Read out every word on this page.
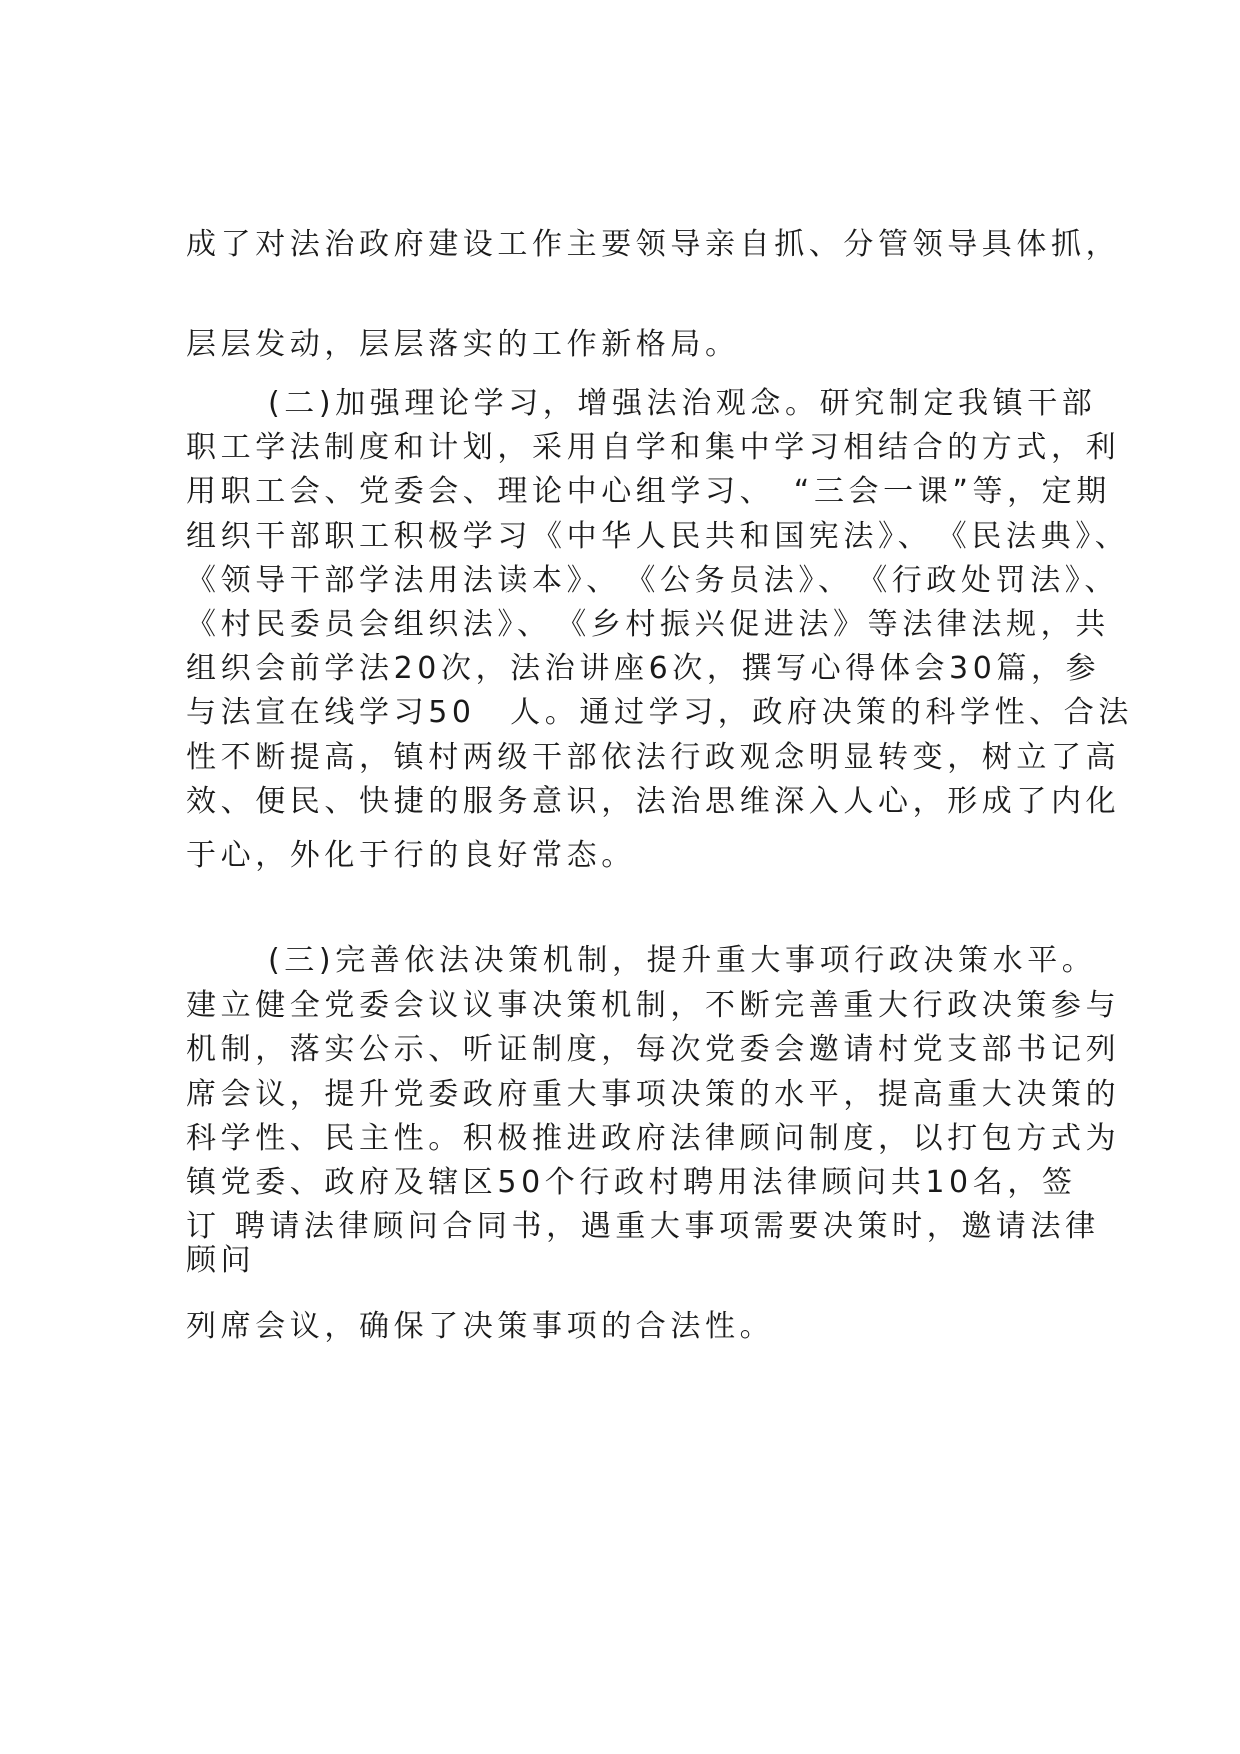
成了对法治政府建设工作主要领导亲自抓、分管领导具体抓，
层层发动，层层落实的工作新格局。
(二)加强理论学习，增强法治观念。研究制定我镇干部
职工学法制度和计划，采用自学和集中学习相结合的方式，利
用职工会、党委会、理论中心组学习、　“三会一课”等，定期
组织干部职工积极学习《中华人民共和国宪法》、　《民法典》、
《领导干部学法用法读本》、　《公务员法》、　《行政处罚法》、
《村民委员会组织法》、　《乡村振兴促进法》等法律法规，共
组织会前学法20次，法治讲座6次，撰写心得体会30篇，参
与法宣在线学习50　人。通过学习，政府决策的科学性、合法
性不断提高，镇村两级干部依法行政观念明显转变，树立了高
效、便民、快捷的服务意识，法治思维深入人心，形成了内化
于心，外化于行的良好常态。
(三)完善依法决策机制，提升重大事项行政决策水平。
建立健全党委会议议事决策机制，不断完善重大行政决策参与
机制，落实公示、听证制度，每次党委会邀请村党支部书记列
席会议，提升党委政府重大事项决策的水平，提高重大决策的
科学性、民主性。积极推进政府法律顾问制度，以打包方式为
镇党委、政府及辖区50个行政村聘用法律顾问共10名，签
订 聘请法律顾问合同书，遇重大事项需要决策时，邀请法律
顾问
列席会议，确保了决策事项的合法性。
